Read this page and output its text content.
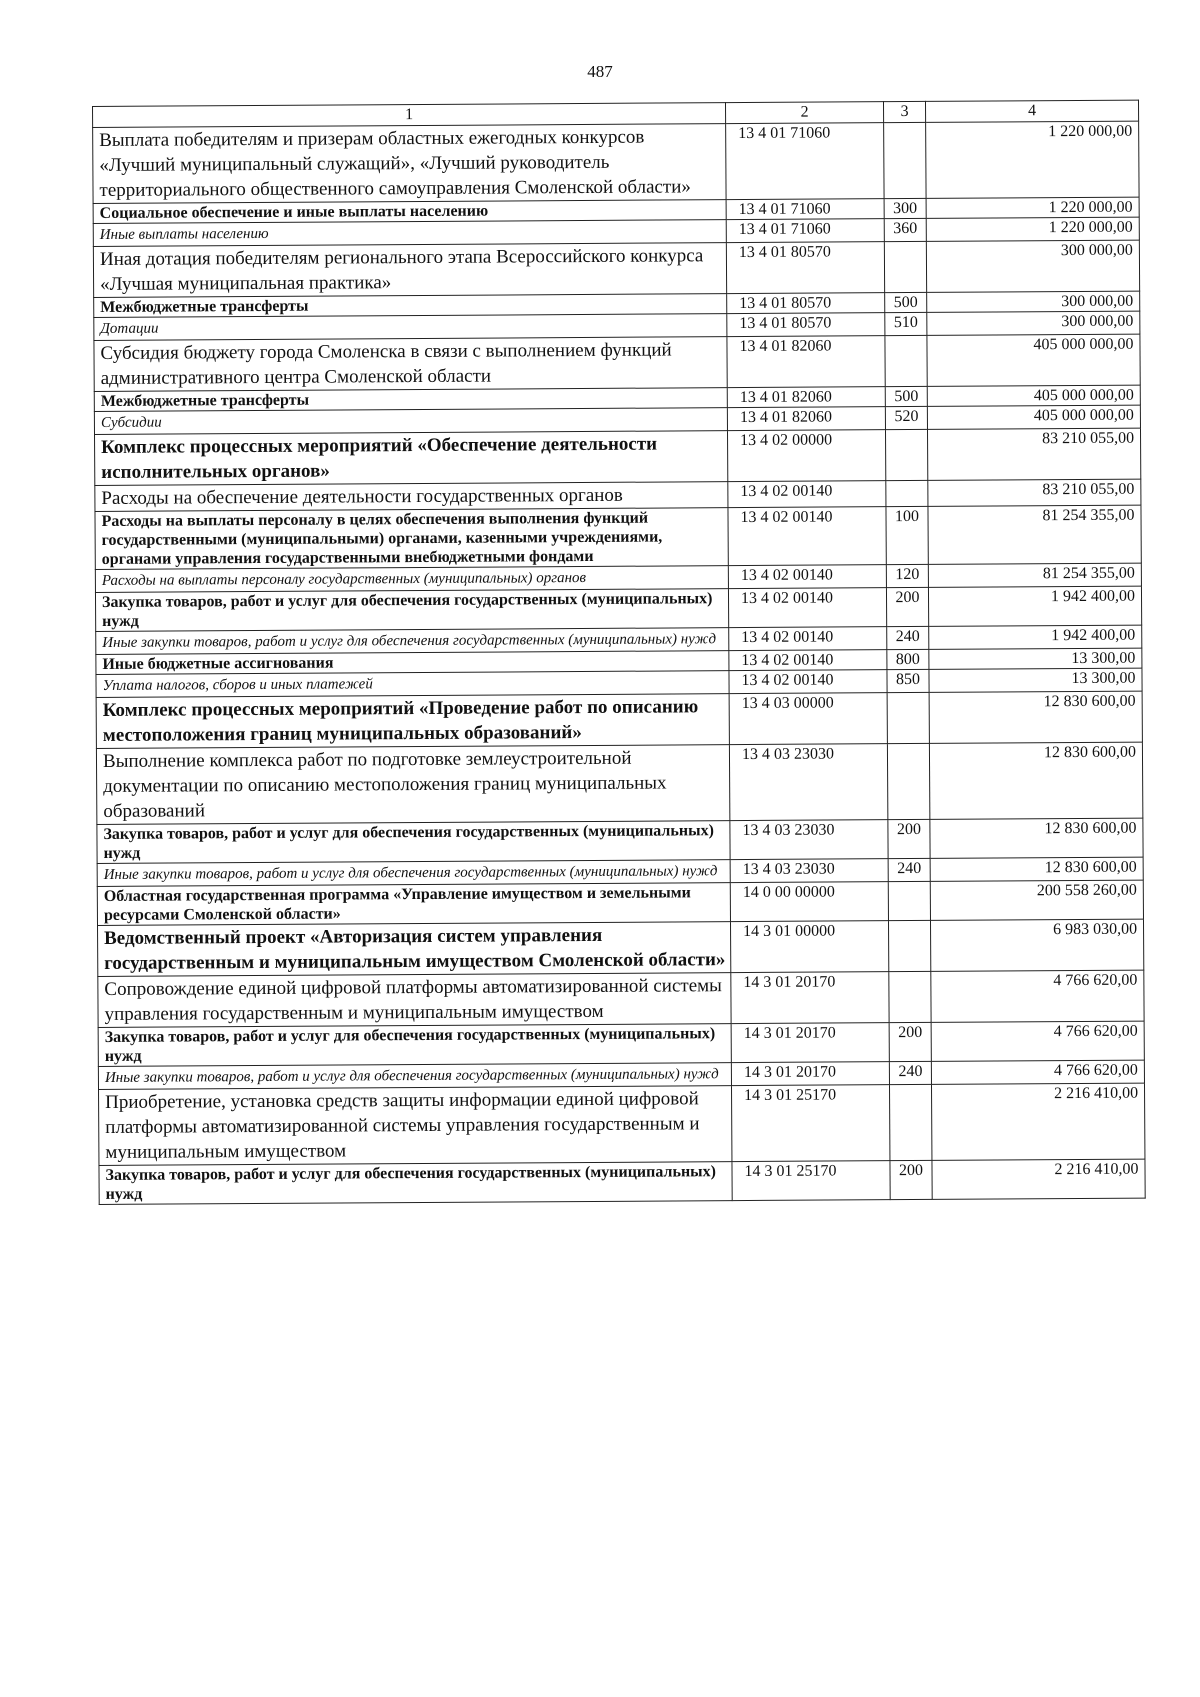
487
1	2	3	4
Выплата победителям и призерам областных ежегодных конкурсов «Лучший муниципальный служащий», «Лучший руководитель территориального общественного самоуправления Смоленской области»	13 4 01 71060		1 220 000,00
Социальное обеспечение и иные выплаты населению	13 4 01 71060	300	1 220 000,00
Иные выплаты населению	13 4 01 71060	360	1 220 000,00
Иная дотация победителям регионального этапа Всероссийского конкурса «Лучшая муниципальная практика»	13 4 01 80570		300 000,00
Межбюджетные трансферты	13 4 01 80570	500	300 000,00
Дотации	13 4 01 80570	510	300 000,00
Субсидия бюджету города Смоленска в связи с выполнением функций административного центра Смоленской области	13 4 01 82060		405 000 000,00
Межбюджетные трансферты	13 4 01 82060	500	405 000 000,00
Субсидии	13 4 01 82060	520	405 000 000,00
Комплекс процессных мероприятий «Обеспечение деятельности исполнительных органов»	13 4 02 00000		83 210 055,00
Расходы на обеспечение деятельности государственных органов	13 4 02 00140		83 210 055,00
Расходы на выплаты персоналу в целях обеспечения выполнения функций государственными (муниципальными) органами, казенными учреждениями, органами управления государственными внебюджетными фондами	13 4 02 00140	100	81 254 355,00
Расходы на выплаты персоналу государственных (муниципальных) органов	13 4 02 00140	120	81 254 355,00
Закупка товаров, работ и услуг для обеспечения государственных (муниципальных) нужд	13 4 02 00140	200	1 942 400,00
Иные закупки товаров, работ и услуг для обеспечения государственных (муниципальных) нужд	13 4 02 00140	240	1 942 400,00
Иные бюджетные ассигнования	13 4 02 00140	800	13 300,00
Уплата налогов, сборов и иных платежей	13 4 02 00140	850	13 300,00
Комплекс процессных мероприятий «Проведение работ по описанию местоположения границ муниципальных образований»	13 4 03 00000		12 830 600,00
Выполнение комплекса работ по подготовке землеустроительной документации по описанию местоположения границ муниципальных образований	13 4 03 23030		12 830 600,00
Закупка товаров, работ и услуг для обеспечения государственных (муниципальных) нужд	13 4 03 23030	200	12 830 600,00
Иные закупки товаров, работ и услуг для обеспечения государственных (муниципальных) нужд	13 4 03 23030	240	12 830 600,00
Областная государственная программа «Управление имуществом и земельными ресурсами Смоленской области»	14 0 00 00000		200 558 260,00
Ведомственный проект «Авторизация систем управления государственным и муниципальным имуществом Смоленской области»	14 3 01 00000		6 983 030,00
Сопровождение единой цифровой платформы автоматизированной системы управления государственным и муниципальным имуществом	14 3 01 20170		4 766 620,00
Закупка товаров, работ и услуг для обеспечения государственных (муниципальных) нужд	14 3 01 20170	200	4 766 620,00
Иные закупки товаров, работ и услуг для обеспечения государственных (муниципальных) нужд	14 3 01 20170	240	4 766 620,00
Приобретение, установка средств защиты информации единой цифровой платформы автоматизированной системы управления государственным и муниципальным имуществом	14 3 01 25170		2 216 410,00
Закупка товаров, работ и услуг для обеспечения государственных (муниципальных) нужд	14 3 01 25170	200	2 216 410,00
